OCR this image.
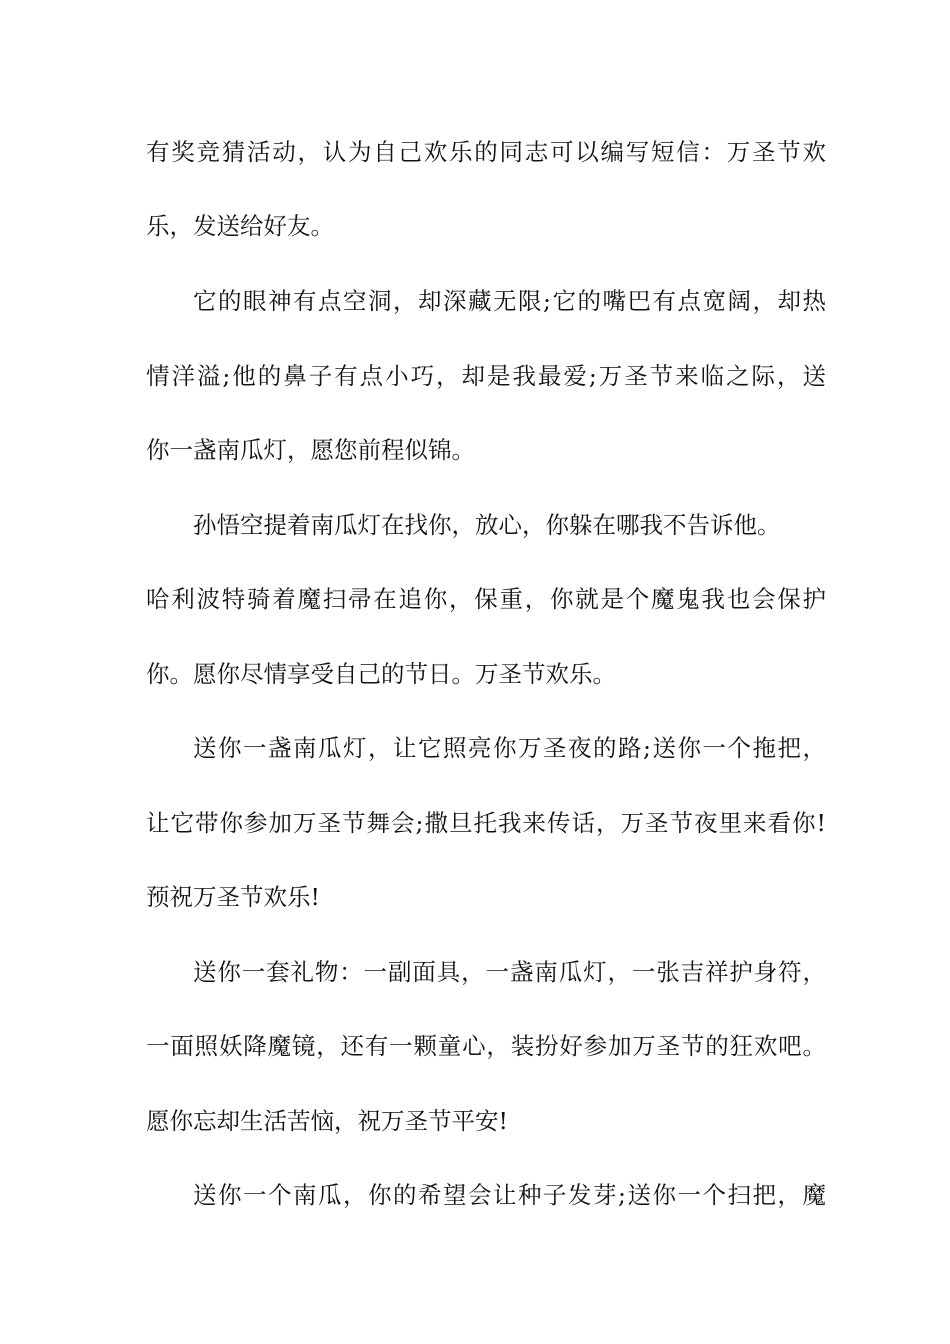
有奖竞猜活动，认为自己欢乐的同志可以编写短信：万圣节欢
乐，发送给好友。
它的眼神有点空洞，却深藏无限;它的嘴巴有点宽阔，却热
情洋溢;他的鼻子有点小巧，却是我最爱;万圣节来临之际，送
你一盏南瓜灯，愿您前程似锦。
孙悟空提着南瓜灯在找你，放心，你躲在哪我不告诉他。
哈利波特骑着魔扫帚在追你，保重，你就是个魔鬼我也会保护
你。愿你尽情享受自己的节日。万圣节欢乐。
送你一盏南瓜灯，让它照亮你万圣夜的路;送你一个拖把，
让它带你参加万圣节舞会;撒旦托我来传话，万圣节夜里来看你!
预祝万圣节欢乐!
送你一套礼物：一副面具，一盏南瓜灯，一张吉祥护身符，
一面照妖降魔镜，还有一颗童心，装扮好参加万圣节的狂欢吧。
愿你忘却生活苦恼，祝万圣节平安!
送你一个南瓜，你的希望会让种子发芽;送你一个扫把，魔
